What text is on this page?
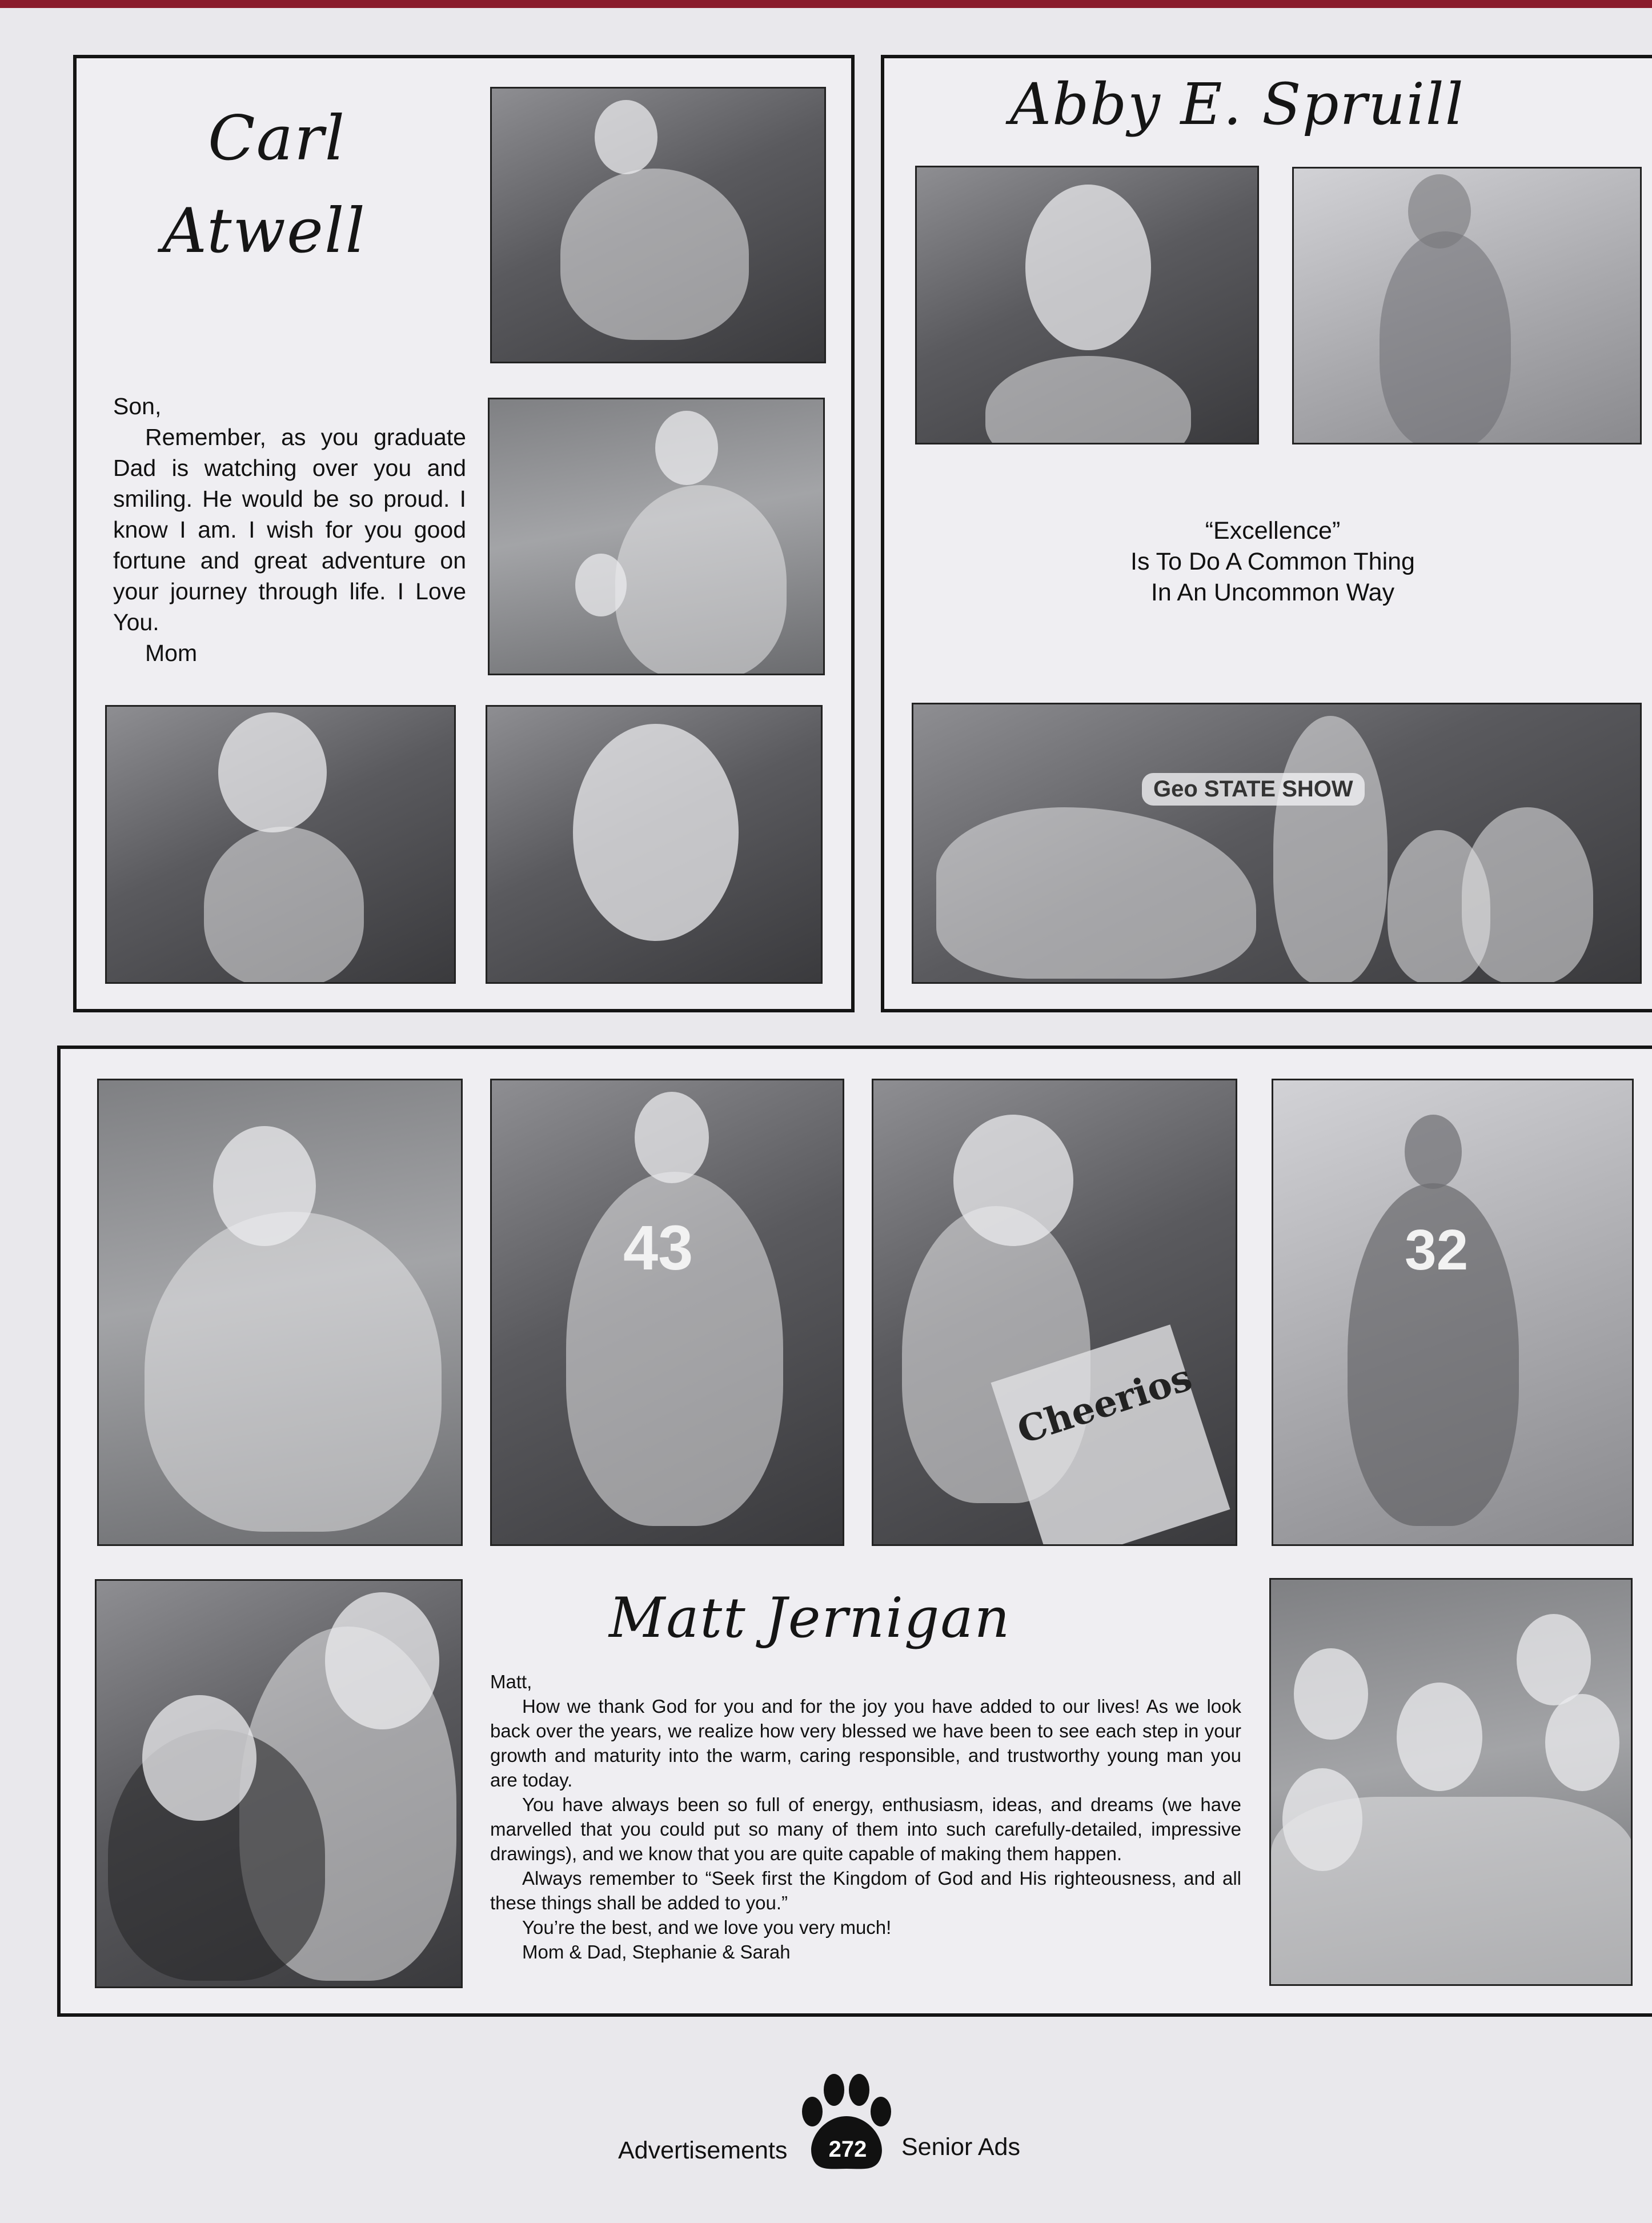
Carl
Atwell

Son,

Remember, as you graduate Dad is watching over you and smiling. He would be so proud. I know I am. I wish for you good fortune and great adventure on your journey through life. I Love You.

Mom

Abby E. Spruill
“Excellence”
Is To Do A Common Thing
In An Uncommon Way
Geo STATE SHOW
43
Cheerios
32
Matt Jernigan

Matt,

How we thank God for you and for the joy you have added to our lives! As we look back over the years, we realize how very blessed we have been to see each step in your growth and maturity into the warm, caring responsible, and trustworthy young man you are today.

You have always been so full of energy, enthusiasm, ideas, and dreams (we have marvelled that you could put so many of them into such carefully-detailed, impressive drawings), and we know that you are quite capable of making them happen.

Always remember to “Seek first the Kingdom of God and His righteousness, and all these things shall be added to you.”

You’re the best, and we love you very much!

Mom & Dad, Stephanie & Sarah

Advertisements 272 Senior Ads
